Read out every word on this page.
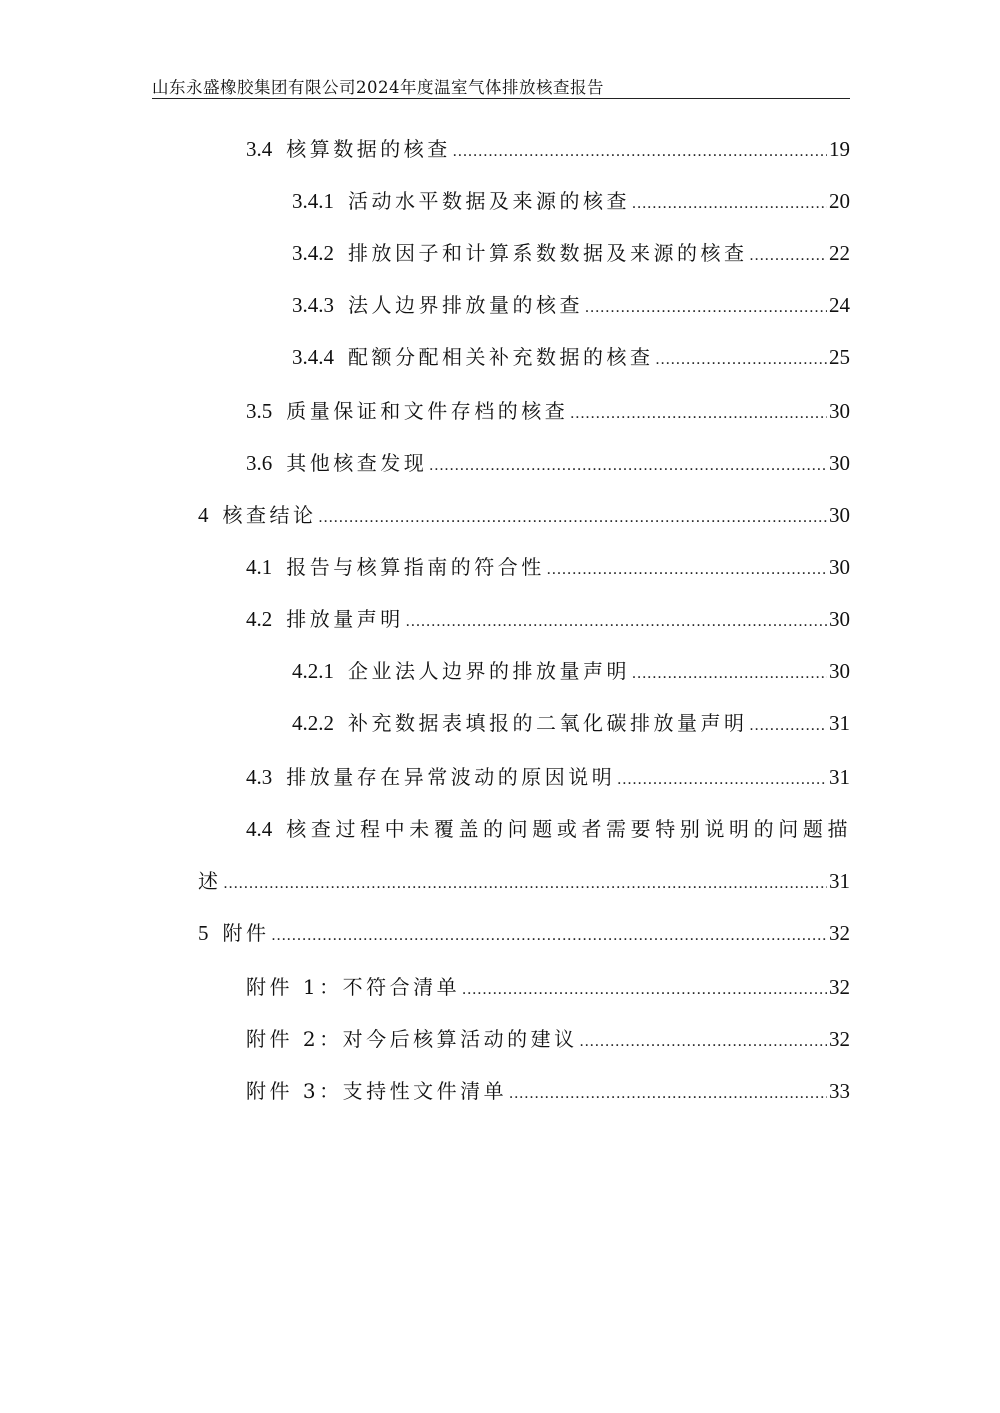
山东永盛橡胶集团有限公司2024年度温室气体排放核查报告
3.4 核算数据的核查 .....	19
3.4.1 活动水平数据及来源的核查 .....	20
3.4.2 排放因子和计算系数数据及来源的核查 .....	22
3.4.3 法人边界排放量的核查 .....	24
3.4.4 配额分配相关补充数据的核查 .....	25
3.5 质量保证和文件存档的核查 .....	30
3.6 其他核查发现 .....	30
4 核查结论 .....	30
4.1 报告与核算指南的符合性 .....	30
4.2 排放量声明 .....	30
4.2.1 企业法人边界的排放量声明 .....	30
4.2.2 补充数据表填报的二氧化碳排放量声明 .....	31
4.3 排放量存在异常波动的原因说明 .....	31
4.4 核查过程中未覆盖的问题或者需要特别说明的问题描
述 .....	31
5 附件 .....	32
附件 1：不符合清单 .....	32
附件 2：对今后核算活动的建议 .....	32
附件 3：支持性文件清单 .....	33
